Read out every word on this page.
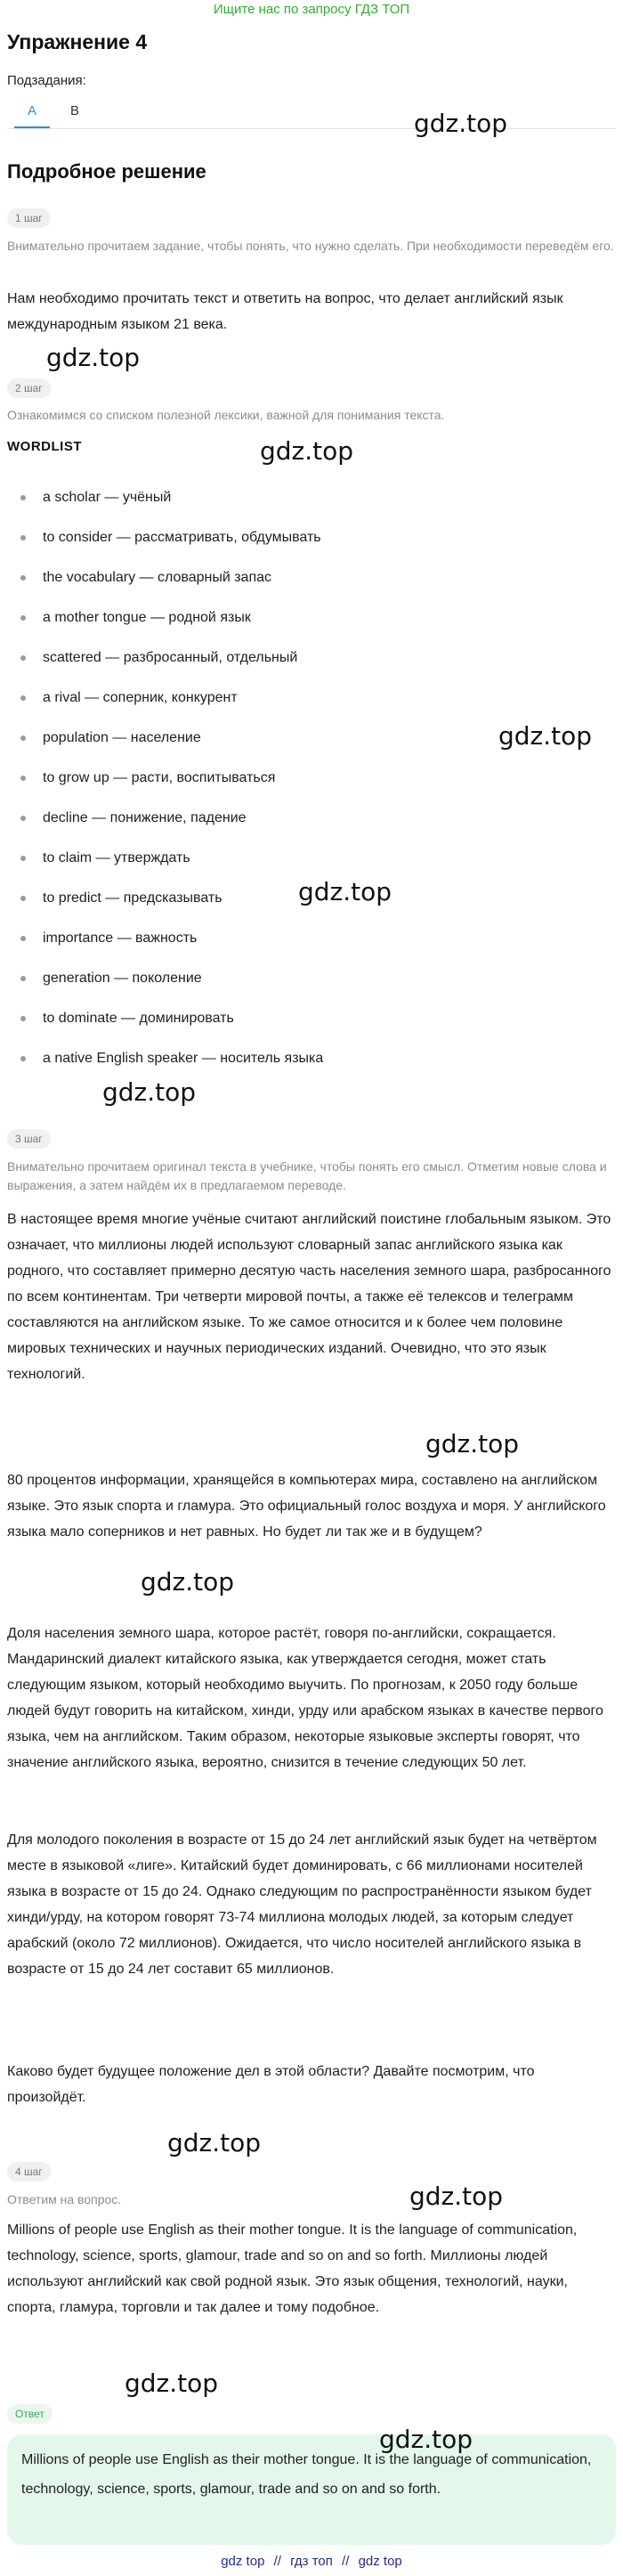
Ищите нас по запросу ГДЗ ТОП
Упражнение 4
Подзадания:
A	B
Подробное решение
1 шаг
Внимательно прочитаем задание, чтобы понять, что нужно сделать. При необходимости переведём его.
Нам необходимо прочитать текст и ответить на вопрос, что делает английский язык международным языком 21 века.
2 шаг
Ознакомимся со списком полезной лексики, важной для понимания текста.
WORDLIST
a scholar — учёный
to consider — рассматривать, обдумывать
the vocabulary — словарный запас
a mother tongue — родной язык
scattered — разбросанный, отдельный
a rival — соперник, конкурент
population — население
to grow up — расти, воспитываться
decline — понижение, падение
to claim — утверждать
to predict — предсказывать
importance — важность
generation — поколение
to dominate — доминировать
a native English speaker — носитель языка
3 шаг
Внимательно прочитаем оригинал текста в учебнике, чтобы понять его смысл. Отметим новые слова и выражения, а затем найдём их в предлагаемом переводе.
В настоящее время многие учёные считают английский поистине глобальным языком. Это означает, что миллионы людей используют словарный запас английского языка как родного, что составляет примерно десятую часть населения земного шара, разбросанного по всем континентам. Три четверти мировой почты, а также её телексов и телеграмм составляются на английском языке. То же самое относится и к более чем половине мировых технических и научных периодических изданий. Очевидно, что это язык технологий.
80 процентов информации, хранящейся в компьютерах мира, составлено на английском языке. Это язык спорта и гламура. Это официальный голос воздуха и моря. У английского языка мало соперников и нет равных. Но будет ли так же и в будущем?
Доля населения земного шара, которое растёт, говоря по-английски, сокращается. Мандаринский диалект китайского языка, как утверждается сегодня, может стать следующим языком, который необходимо выучить. По прогнозам, к 2050 году больше людей будут говорить на китайском, хинди, урду или арабском языках в качестве первого языка, чем на английском. Таким образом, некоторые языковые эксперты говорят, что значение английского языка, вероятно, снизится в течение следующих 50 лет.
Для молодого поколения в возрасте от 15 до 24 лет английский язык будет на четвёртом месте в языковой «лиге». Китайский будет доминировать, с 66 миллионами носителей языка в возрасте от 15 до 24. Однако следующим по распространённости языком будет хинди/урду, на котором говорят 73-74 миллиона молодых людей, за которым следует арабский (около 72 миллионов). Ожидается, что число носителей английского языка в возрасте от 15 до 24 лет составит 65 миллионов.
Каково будет будущее положение дел в этой области? Давайте посмотрим, что произойдёт.
4 шаг
Ответим на вопрос.
Millions of people use English as their mother tongue. It is the language of communication, technology, science, sports, glamour, trade and so on and so forth. Миллионы людей используют английский как свой родной язык. Это язык общения, технологий, науки, спорта, гламура, торговли и так далее и тому подобное.
Ответ
Millions of people use English as their mother tongue. It is the language of communication, technology, science, sports, glamour, trade and so on and so forth.
gdz.top
gdz.top
gdz.top
gdz.top
gdz.top
gdz.top
gdz.top
gdz.top
gdz.top
gdz.top
gdz.top
gdz.top
gdz top // гдз топ // gdz top
